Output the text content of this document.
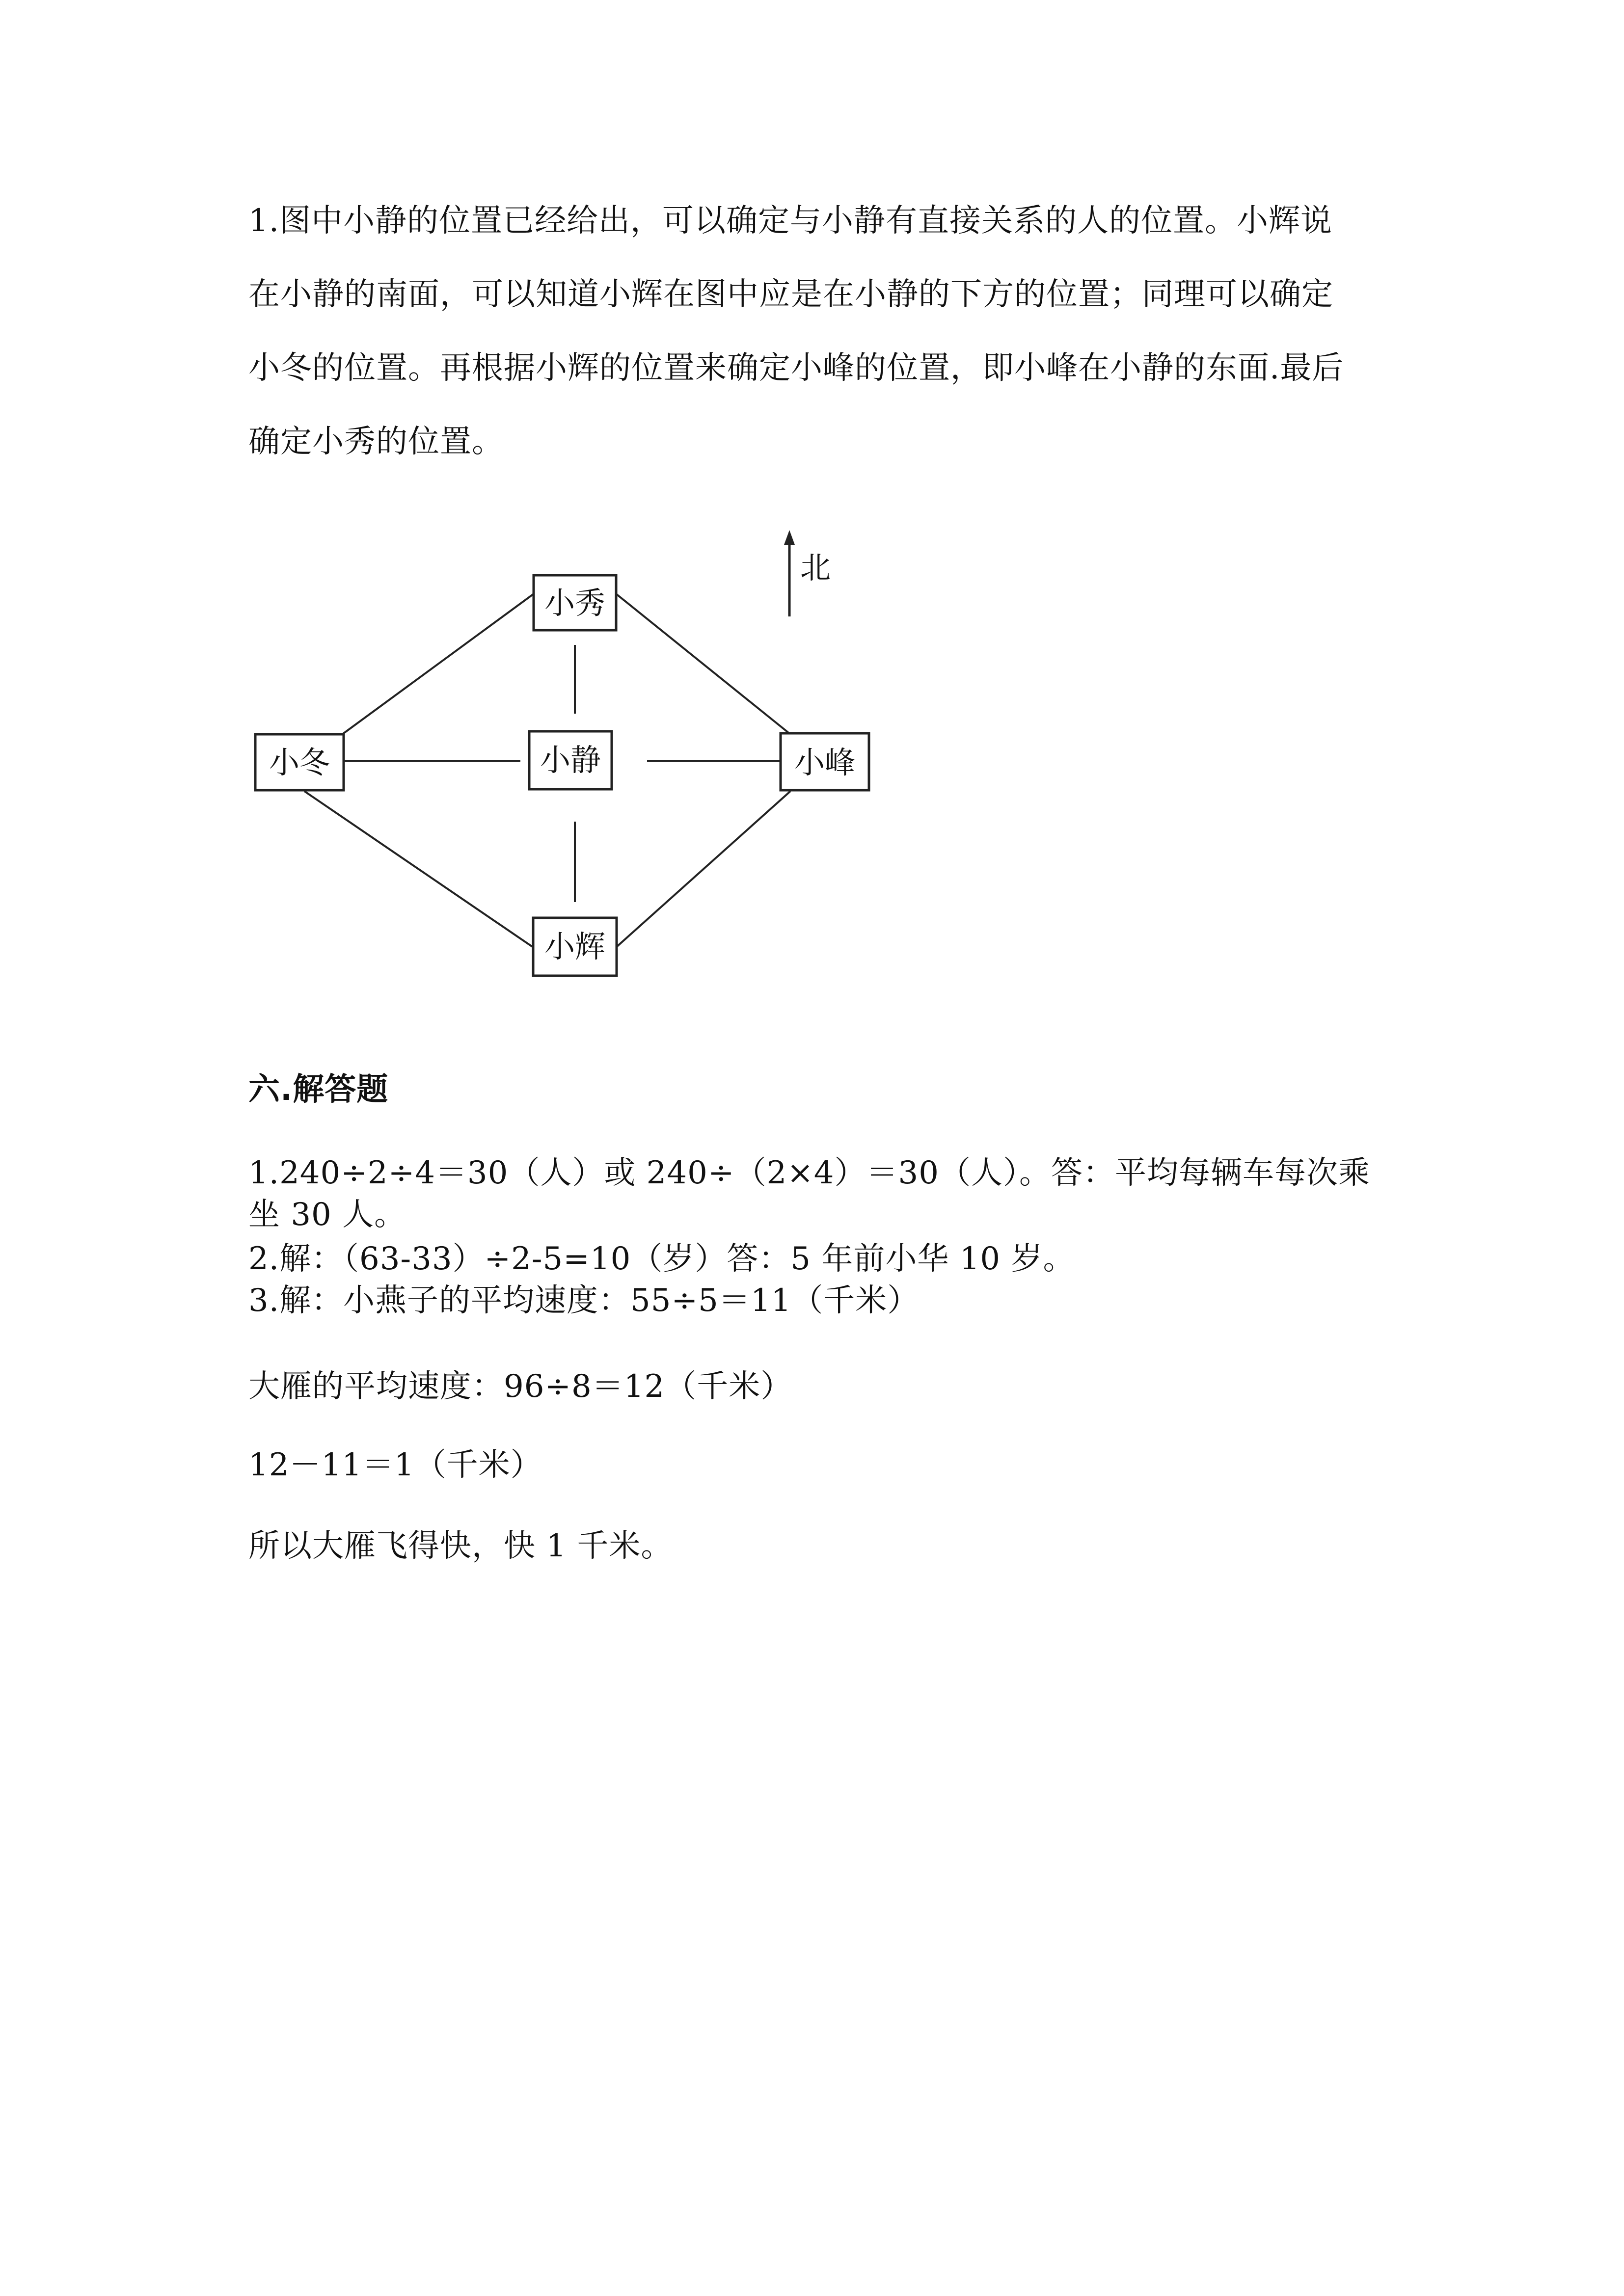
1.图中小静的位置已经给出，可以确定与小静有直接关系的人的位置。小辉说
在小静的南面，可以知道小辉在图中应是在小静的下方的位置；同理可以确定
小冬的位置。再根据小辉的位置来确定小峰的位置，即小峰在小静的东面.最后
确定小秀的位置。
北
小秀
小冬	小静	小峰
小辉
六.解答题
1.240÷2÷4＝30（人）或 240÷（2×4）＝30（人）。答：平均每辆车每次乘
坐 30 人。
2.解：（63-33）÷2-5=10（岁）答：5 年前小华 10 岁。
3.解：小燕子的平均速度：55÷5＝11（千米）
大雁的平均速度：96÷8＝12（千米）
12－11＝1（千米）
所以大雁飞得快，快 1 千米。
